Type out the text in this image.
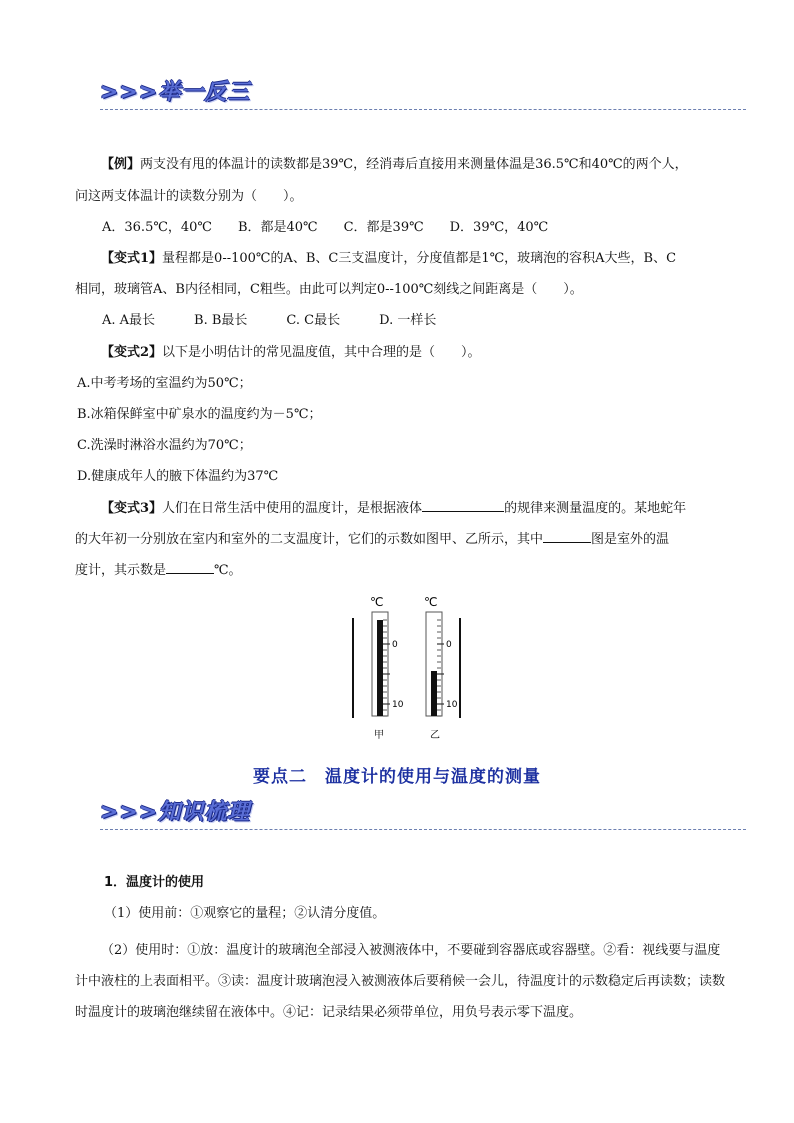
>>>举一反三
【例】两支没有甩的体温计的读数都是39℃，经消毒后直接用来测量体温是36.5℃和40℃的两个人，

问这两支体温计的读数分别为（　　）。
A．36.5℃，40℃　　B．都是40℃　　C．都是39℃　　D．39℃，40℃
【变式1】量程都是0--100℃的A、B、C三支温度计，分度值都是1℃，玻璃泡的容积A大些，B、C
相同，玻璃管A、B内径相同，C粗些。由此可以判定0--100℃刻线之间距离是（　　）。
A. A最长　　　B. B最长　　　C. C最长　　　D. 一样长
【变式2】以下是小明估计的常见温度值，其中合理的是（　　）。
A.中考考场的室温约为50℃；
B.冰箱保鲜室中矿泉水的温度约为－5℃；
C.洗澡时淋浴水温约为70℃；
D.健康成年人的腋下体温约为37℃
【变式3】人们在日常生活中使用的温度计，是根据液体	的规律来测量温度的。某地蛇年
的大年初一分别放在室内和室外的二支温度计，它们的示数如图甲、乙所示，其中	图是室外的温
度计，其示数是	℃。
℃
0
10
甲
℃
0
10
乙
要点二　温度计的使用与温度的测量
>>>知识梳理
1．温度计的使用
（1）使用前：①观察它的量程；②认清分度值。
（2）使用时：①放：温度计的玻璃泡全部浸入被测液体中，不要碰到容器底或容器壁。②看：视线要与温度计中液柱的上表面相平。③读：温度计玻璃泡浸入被测液体后要稍候一会儿，待温度计的示数稳定后再读数；读数时温度计的玻璃泡继续留在液体中。④记：记录结果必须带单位，用负号表示零下温度。
